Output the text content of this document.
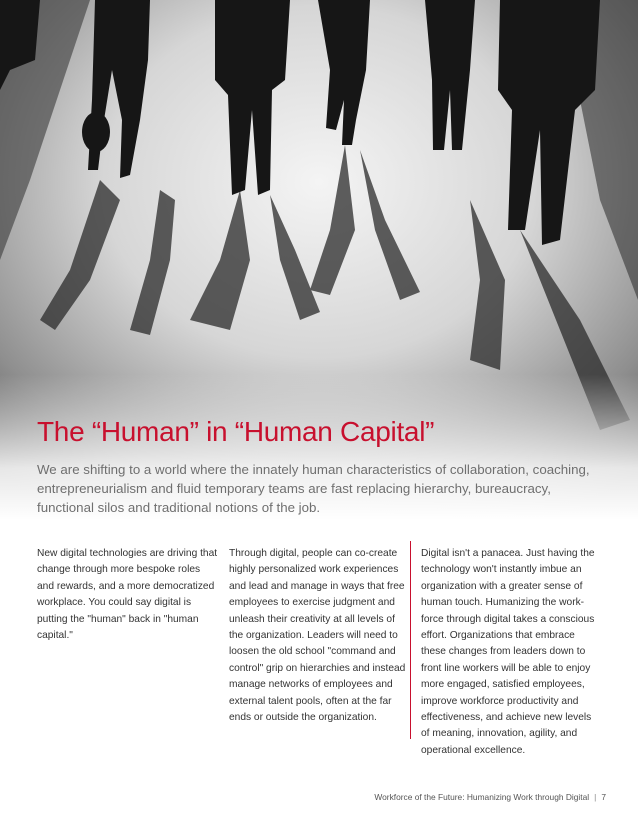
The “Human” in “Human Capital”

We are shifting to a world where the innately human characteristics of collaboration, coaching, entrepreneurialism and fluid temporary teams are fast replacing hierarchy, bureaucracy, functional silos and traditional notions of the job.

New digital technologies are driving that change through more bespoke roles and rewards, and a more democratized workplace. You could say digital is putting the "human" back in "human capital."

Through digital, people can co-create highly personalized work experiences and lead and manage in ways that free employees to exercise judgment and unleash their creativity at all levels of the organization. Leaders will need to loosen the old school "command and control" grip on hierarchies and instead manage networks of employees and external talent pools, often at the far ends or outside the organization.

Digital isn't a panacea. Just having the technology won't instantly imbue an organization with a greater sense of human touch. Humanizing the work-force through digital takes a conscious effort. Organizations that embrace these changes from leaders down to front line workers will be able to enjoy more engaged, satisfied employees, improve workforce productivity and effectiveness, and achieve new levels of meaning, innovation, agility, and operational excellence.

Workforce of the Future: Humanizing Work through Digital | 7
